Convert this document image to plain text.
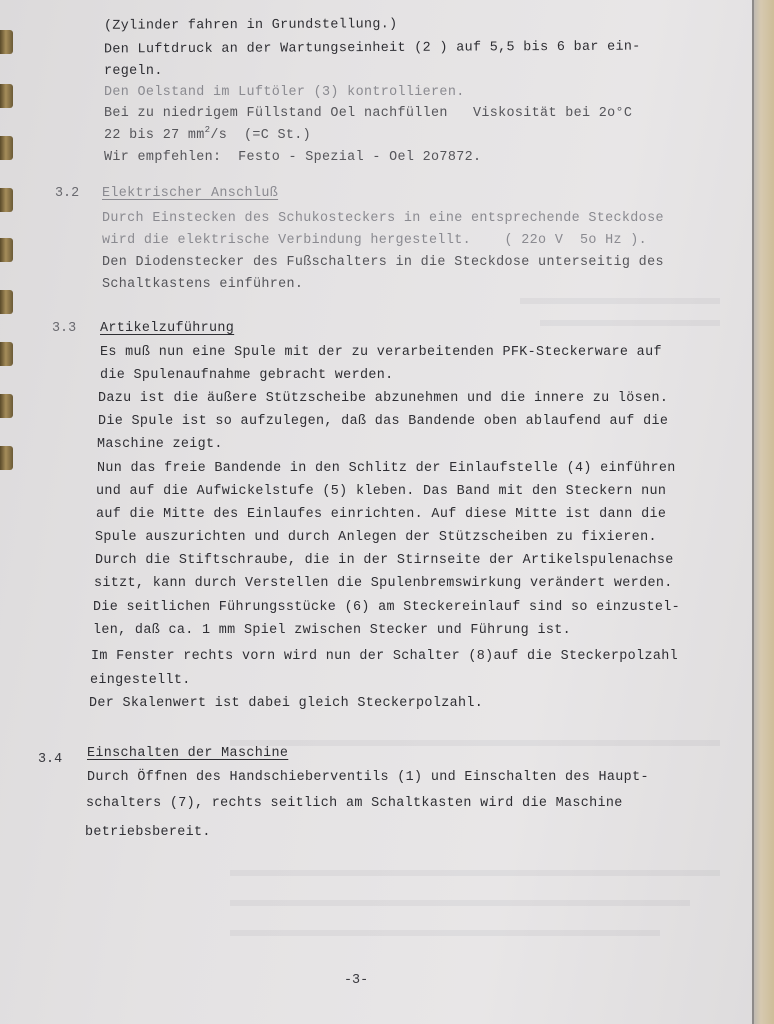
(Zylinder fahren in Grundstellung.)

Den Luftdruck an der Wartungseinheit (2 ) auf 5,5 bis 6 bar ein-

regeln.

Den Oelstand im Luftöler (3) kontrollieren.

Bei zu niedrigem Füllstand Oel nachfüllen   Viskosität bei 2o°C

22 bis 27 $mm^2/s$  (=C St.)

Wir empfehlen:  Festo - Spezial - Oel 2o7872.

3.2 Elektrischer Anschluß

Durch Einstecken des Schukosteckers in eine entsprechende Steckdose

wird die elektrische Verbindung hergestellt.    ( 22o V  5o Hz ).

Den Diodenstecker des Fußschalters in die Steckdose unterseitig des

Schaltkastens einführen.

3.3 Artikelzuführung

Es muß nun eine Spule mit der zu verarbeitenden PFK-Steckerware auf

die Spulenaufnahme gebracht werden.

Dazu ist die äußere Stützscheibe abzunehmen und die innere zu lösen.

Die Spule ist so aufzulegen, daß das Bandende oben ablaufend auf die

Maschine zeigt.

Nun das freie Bandende in den Schlitz der Einlaufstelle (4) einführen

und auf die Aufwickelstufe (5) kleben. Das Band mit den Steckern nun

auf die Mitte des Einlaufes einrichten. Auf diese Mitte ist dann die

Spule auszurichten und durch Anlegen der Stützscheiben zu fixieren.

Durch die Stiftschraube, die in der Stirnseite der Artikelspulenachse

sitzt, kann durch Verstellen die Spulenbremswirkung verändert werden.

Die seitlichen Führungsstücke (6) am Steckereinlauf sind so einzustel-

len, daß ca. 1 mm Spiel zwischen Stecker und Führung ist.

Im Fenster rechts vorn wird nun der Schalter (8)auf die Steckerpolzahl

eingestellt.

Der Skalenwert ist dabei gleich Steckerpolzahl.

3.4 Einschalten der Maschine

Durch Öffnen des Handschieberventils (1) und Einschalten des Haupt-

schalters (7), rechts seitlich am Schaltkasten wird die Maschine

betriebsbereit.

-3-
